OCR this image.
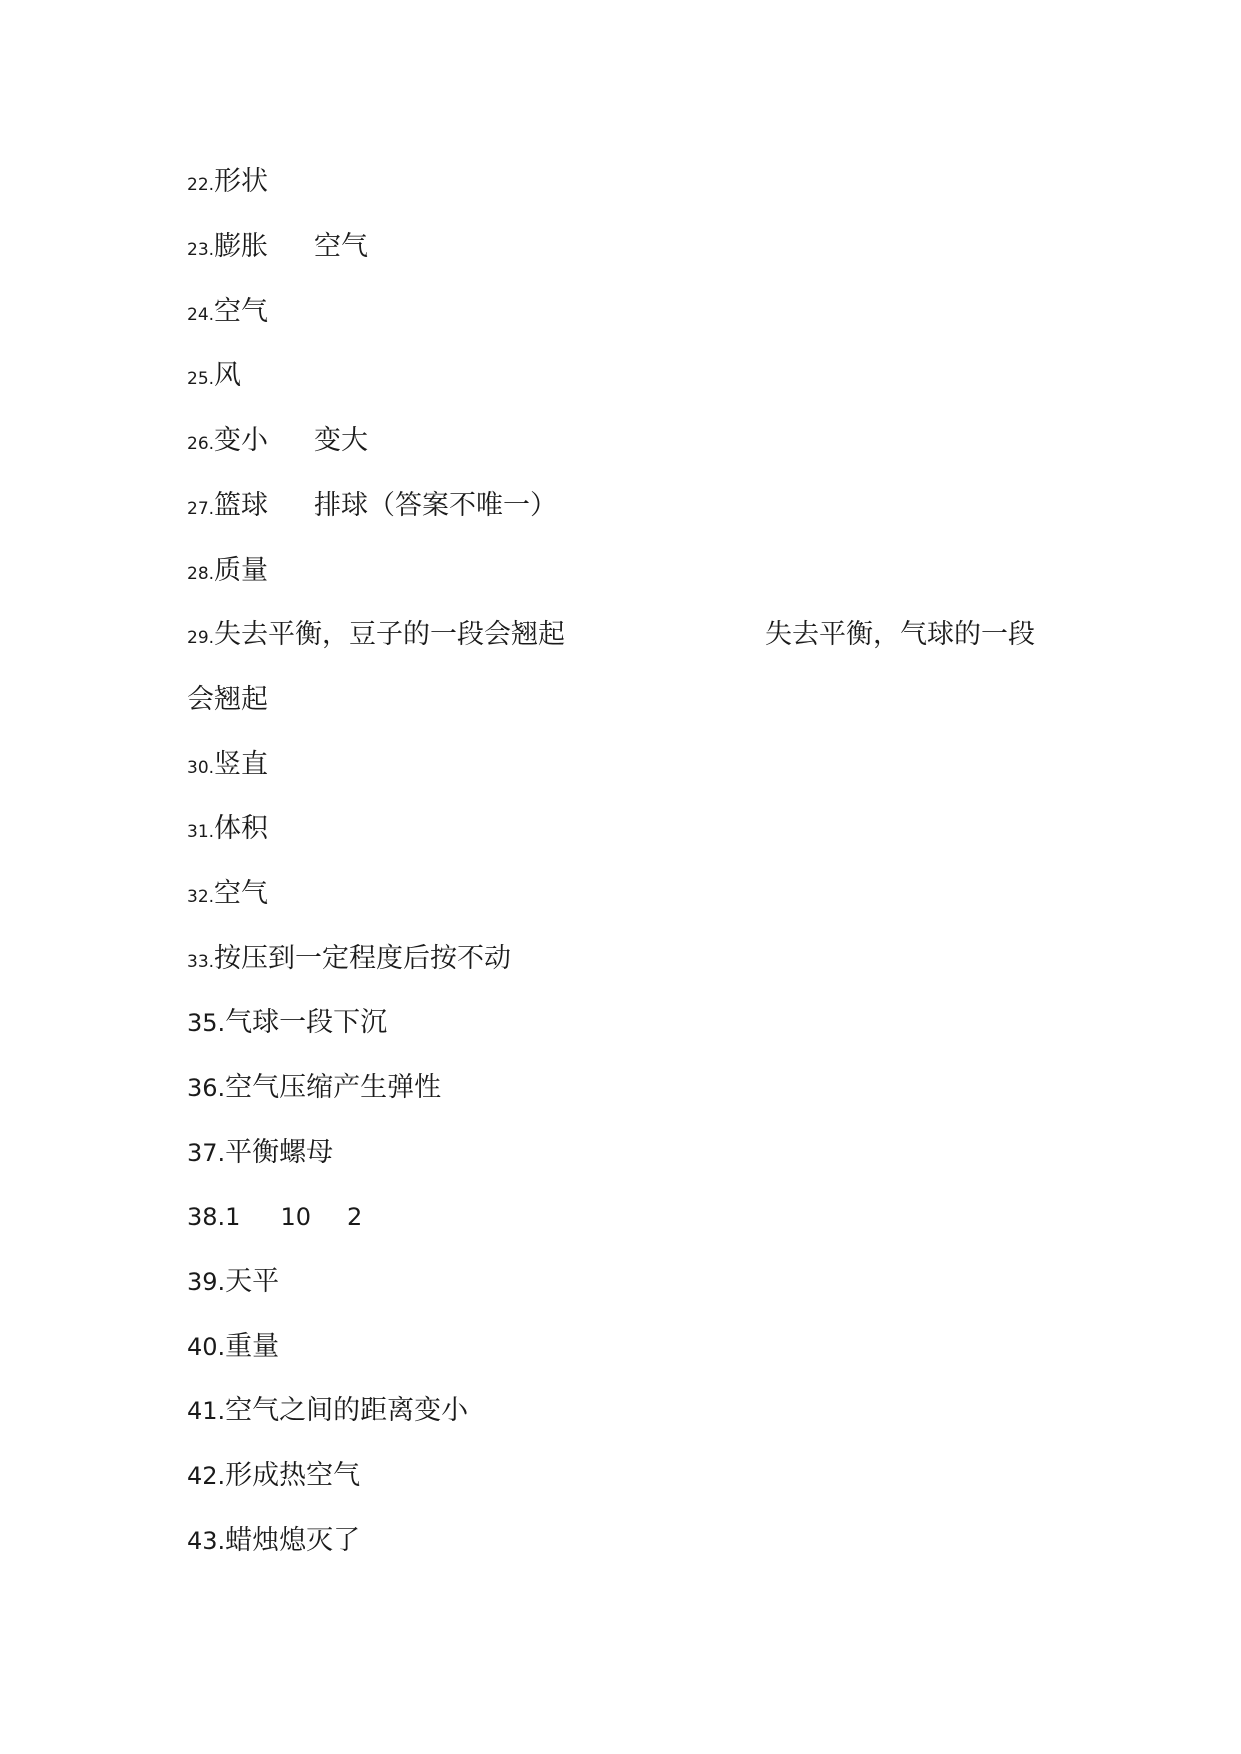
22.形状
23.膨胀 空气
24.空气
25.风
26.变小 变大
27.篮球 排球（答案不唯一）
28.质量
29.失去平衡，豆子的一段会翘起	失去平衡，气球的一段
会翘起
30.竖直
31.体积
32.空气
33.按压到一定程度后按不动
35.气球一段下沉
36.空气压缩产生弹性
37.平衡螺母
38.1 10 2
39.天平
40.重量
41.空气之间的距离变小
42.形成热空气
43.蜡烛熄灭了
